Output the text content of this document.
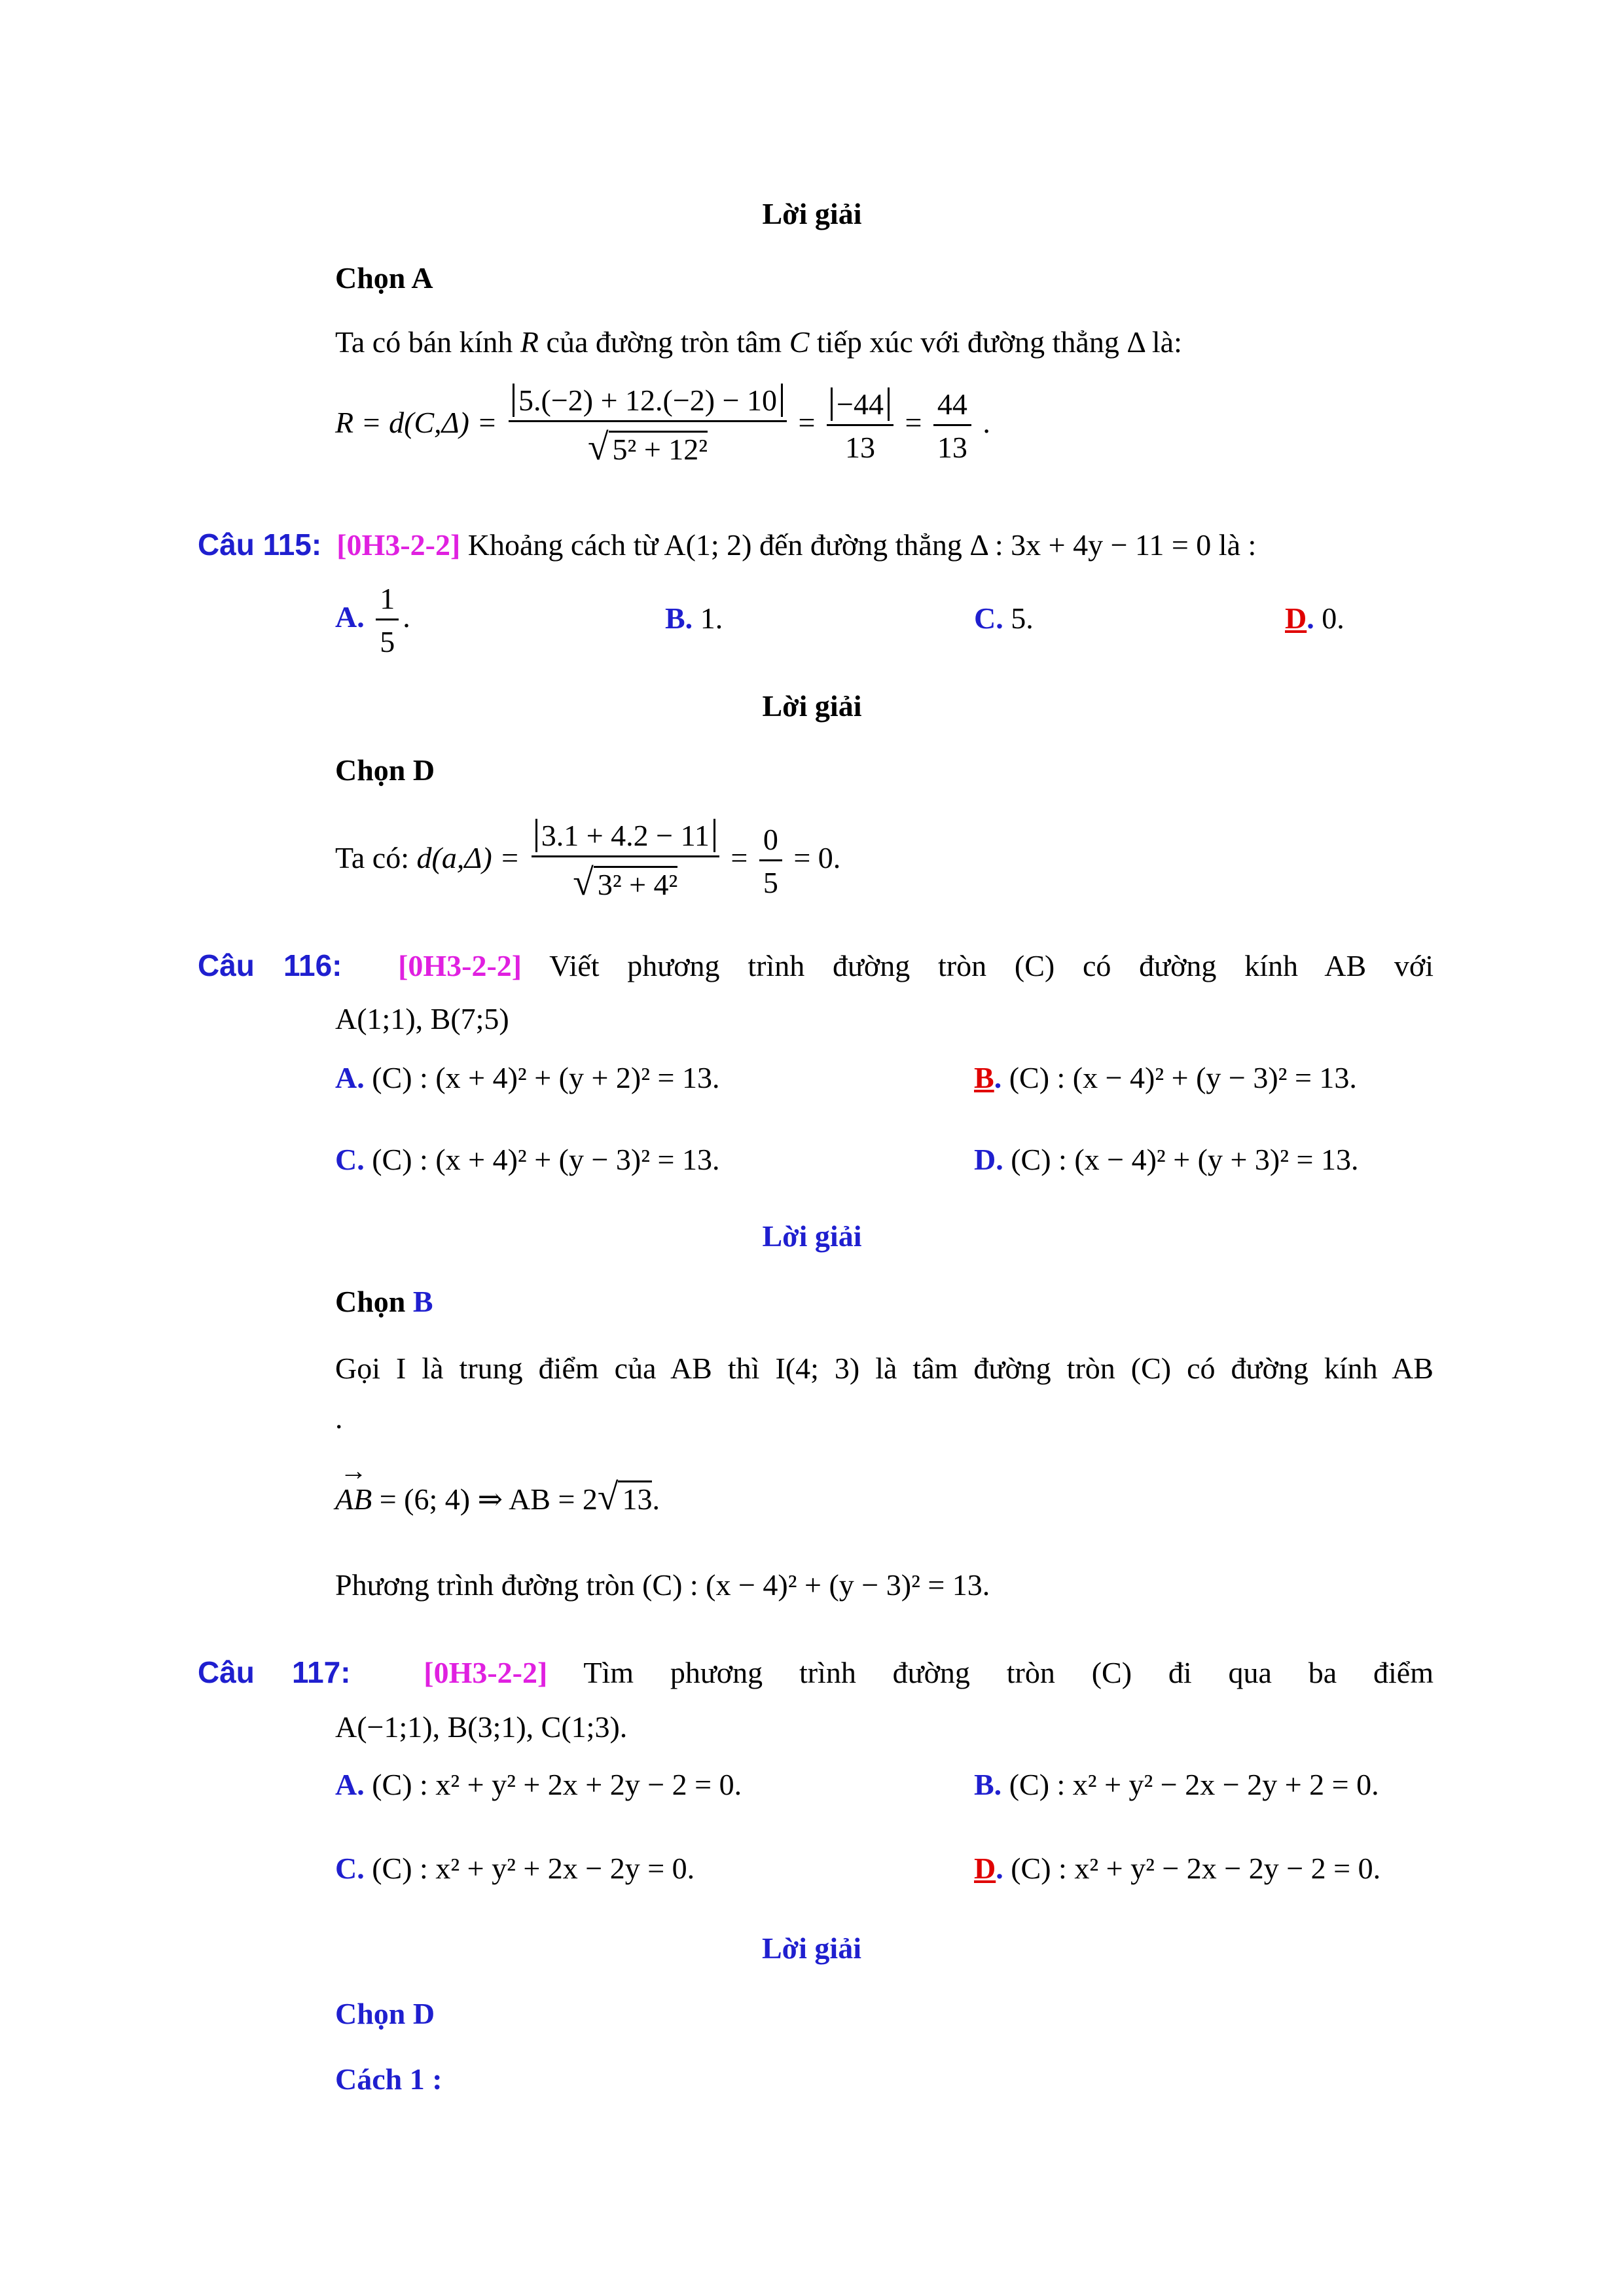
Lời giải
Chọn A
Ta có bán kính R của đường tròn tâm C tiếp xúc với đường thẳng Δ là:
$R = d(C,\Delta) = \frac{5.(-2) + 12.(-2) - 10}{\text{√ 5² + 12²}} = \frac{-44}{13} = \frac{44}{13}$ .
Câu 115: [0H3-2-2] Khoảng cách từ A(1; 2) đến đường thẳng Δ : 3x + 4y − 11 = 0 là :
A. $\frac{1}{5}$ .	B. 1.	C. 5.	D. 0.
Lời giải
Chọn D
Ta có: $d(a,\Delta) = \frac{3.1 + 4.2 - 11}{\text{√ 3² + 4²}} = \frac{0}{5} = 0$.
Câu 116: [0H3-2-2] Viết phương trình đường tròn (C) có đường kính AB với
A(1;1), B(7;5)
A. (C) : (x + 4)² + (y + 2)² = 13.	B. (C) : (x − 4)² + (y − 3)² = 13.
C. (C) : (x + 4)² + (y − 3)² = 13.	D. (C) : (x − 4)² + (y + 3)² = 13.
Lời giải
Chọn B
Gọi I là trung điểm của AB thì I(4; 3) là tâm đường tròn (C) có đường kính AB
.
→ AB = (6; 4) ⇒ AB = 2√ 13.
Phương trình đường tròn (C) : (x − 4)² + (y − 3)² = 13.
Câu 117: [0H3-2-2] Tìm phương trình đường tròn (C) đi qua ba điểm
A(−1;1), B(3;1), C(1;3).
A. (C) : x² + y² + 2x + 2y − 2 = 0.	B. (C) : x² + y² − 2x − 2y + 2 = 0.
C. (C) : x² + y² + 2x − 2y = 0.	D. (C) : x² + y² − 2x − 2y − 2 = 0.
Lời giải
Chọn D
Cách 1 :
